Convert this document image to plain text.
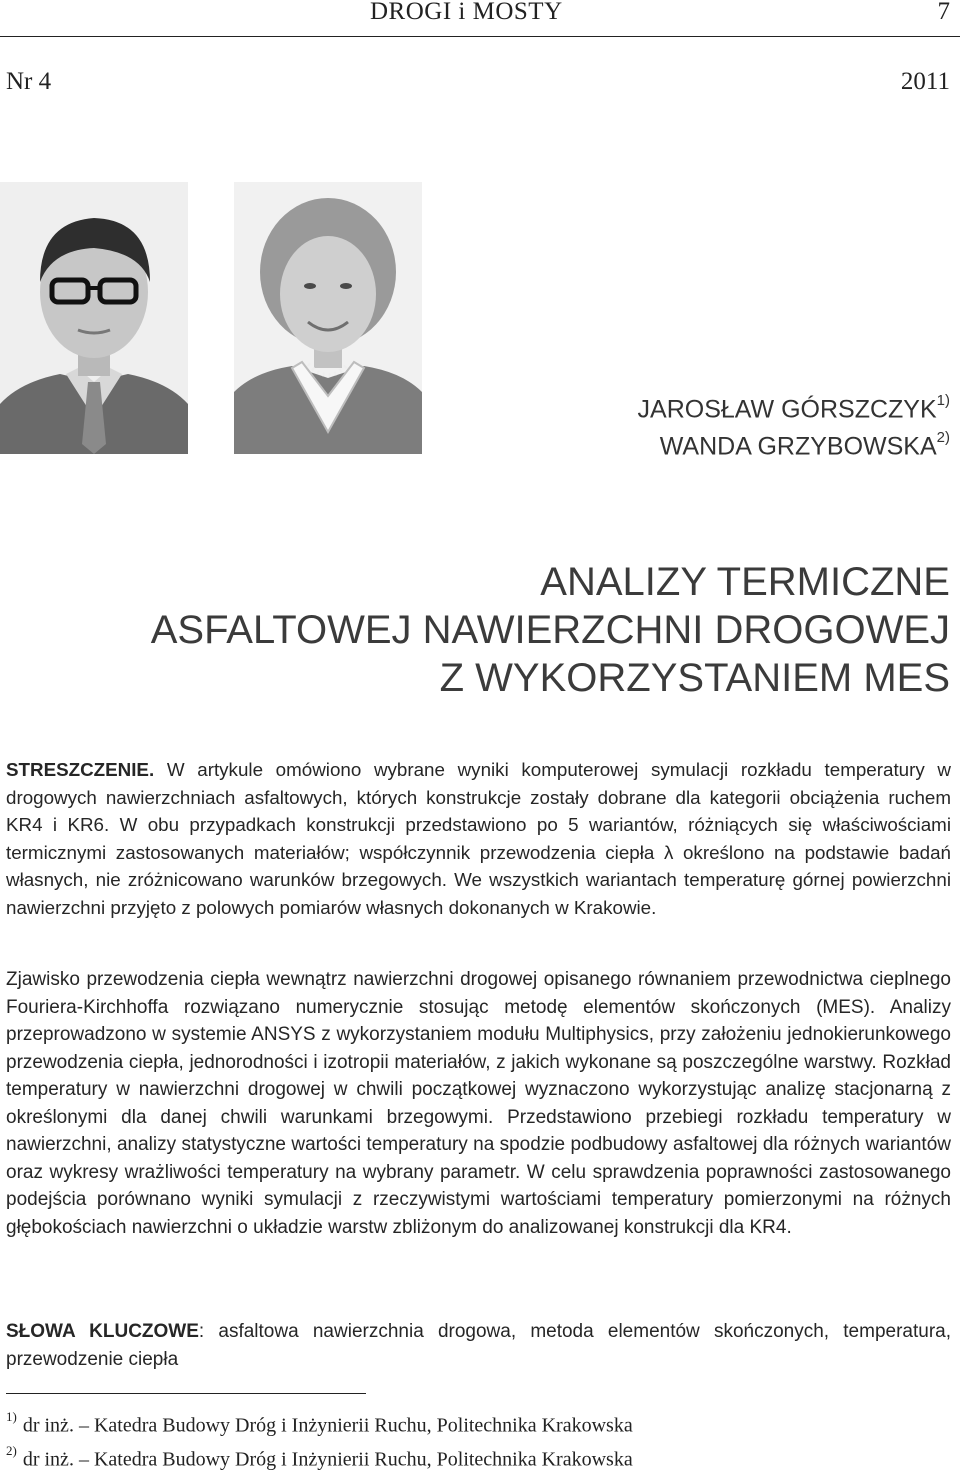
DROGI i MOSTY	7
Nr 4	2011
JAROSŁAW GÓRSZCZYK$^{1)}$
WANDA GRZYBOWSKA$^{2)}$
ANALIZY TERMICZNE
ASFALTOWEJ NAWIERZCHNI DROGOWEJ
Z WYKORZYSTANIEM MES
STRESZCZENIE. W artykule omówiono wybrane wyniki komputerowej symulacji rozkładu temperatury w drogowych nawierzchniach asfaltowych, których konstrukcje zostały dobrane dla kategorii obciążenia ruchem KR4 i KR6. W obu przypadkach konstrukcji przedstawiono po 5 wariantów, różniących się właściwościami termicznymi zastosowanych materiałów; współczynnik przewodzenia ciepła λ określono na podstawie badań własnych, nie zróżnicowano warunków brzegowych. We wszystkich wariantach temperaturę górnej powierzchni nawierzchni przyjęto z polowych pomiarów własnych dokonanych w Krakowie.
Zjawisko przewodzenia ciepła wewnątrz nawierzchni drogowej opisanego równaniem przewodnictwa cieplnego Fouriera-Kirchhoffa rozwiązano numerycznie stosując metodę elementów skończonych (MES). Analizy przeprowadzono w systemie ANSYS z wykorzystaniem modułu Multiphysics, przy założeniu jednokierunkowego przewodzenia ciepła, jednorodności i izotropii materiałów, z jakich wykonane są poszczególne warstwy. Rozkład temperatury w nawierzchni drogowej w chwili początkowej wyznaczono wykorzystując analizę stacjonarną z określonymi dla danej chwili warunkami brzegowymi. Przedstawiono przebiegi rozkładu temperatury w nawierzchni, analizy statystyczne wartości temperatury na spodzie podbudowy asfaltowej dla różnych wariantów oraz wykresy wrażliwości temperatury na wybrany parametr. W celu sprawdzenia poprawności zastosowanego podejścia porównano wyniki symulacji z rzeczywistymi wartościami temperatury pomierzonymi na różnych głębokościach nawierzchni o układzie warstw zbliżonym do analizowanej konstrukcji dla KR4.
SŁOWA KLUCZOWE: asfaltowa nawierzchnia drogowa, metoda elementów skończonych, temperatura, przewodzenie ciepła
$^{1)}$ dr inż. – Katedra Budowy Dróg i Inżynierii Ruchu, Politechnika Krakowska
$^{2)}$ dr inż. – Katedra Budowy Dróg i Inżynierii Ruchu, Politechnika Krakowska
